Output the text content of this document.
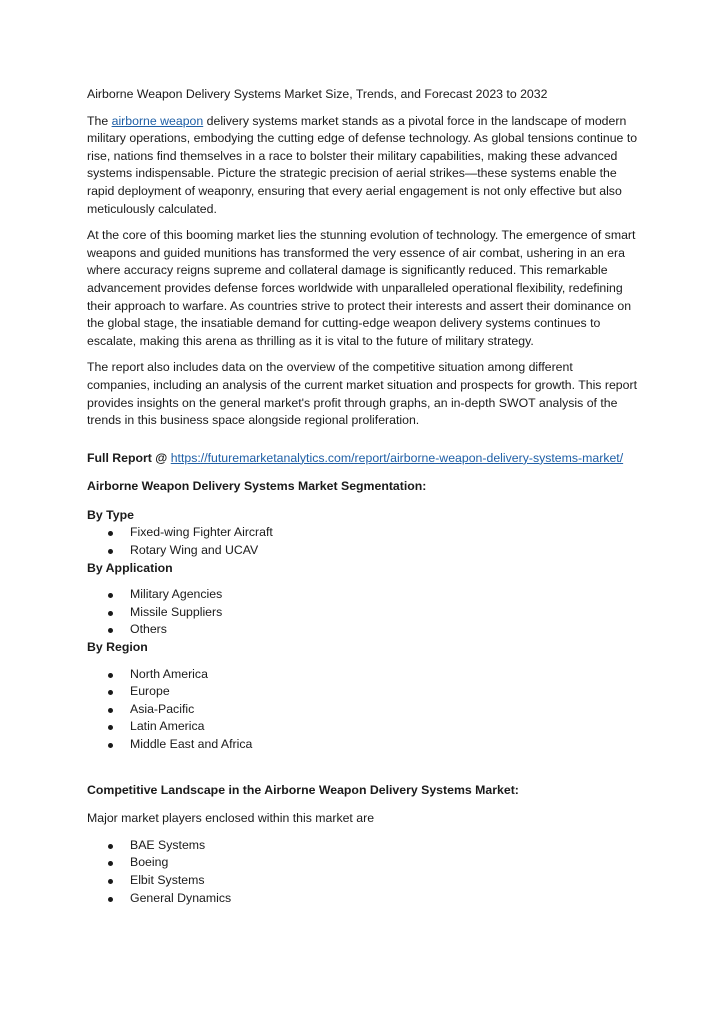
Airborne Weapon Delivery Systems Market Size, Trends, and Forecast 2023 to 2032

The airborne weapon delivery systems market stands as a pivotal force in the landscape of modern military operations, embodying the cutting edge of defense technology. As global tensions continue to rise, nations find themselves in a race to bolster their military capabilities, making these advanced systems indispensable. Picture the strategic precision of aerial strikes—these systems enable the rapid deployment of weaponry, ensuring that every aerial engagement is not only effective but also meticulously calculated.

At the core of this booming market lies the stunning evolution of technology. The emergence of smart weapons and guided munitions has transformed the very essence of air combat, ushering in an era where accuracy reigns supreme and collateral damage is significantly reduced. This remarkable advancement provides defense forces worldwide with unparalleled operational flexibility, redefining their approach to warfare. As countries strive to protect their interests and assert their dominance on the global stage, the insatiable demand for cutting-edge weapon delivery systems continues to escalate, making this arena as thrilling as it is vital to the future of military strategy.

The report also includes data on the overview of the competitive situation among different companies, including an analysis of the current market situation and prospects for growth. This report provides insights on the general market's profit through graphs, an in-depth SWOT analysis of the trends in this business space alongside regional proliferation.

Full Report @ https://futuremarketanalytics.com/report/airborne-weapon-delivery-systems-market/

Airborne Weapon Delivery Systems Market Segmentation:

By Type

Fixed-wing Fighter Aircraft
Rotary Wing and UCAV

By Application

Military Agencies
Missile Suppliers
Others

By Region

North America
Europe
Asia-Pacific
Latin America
Middle East and Africa

Competitive Landscape in the Airborne Weapon Delivery Systems Market:

Major market players enclosed within this market are

BAE Systems
Boeing
Elbit Systems
General Dynamics
